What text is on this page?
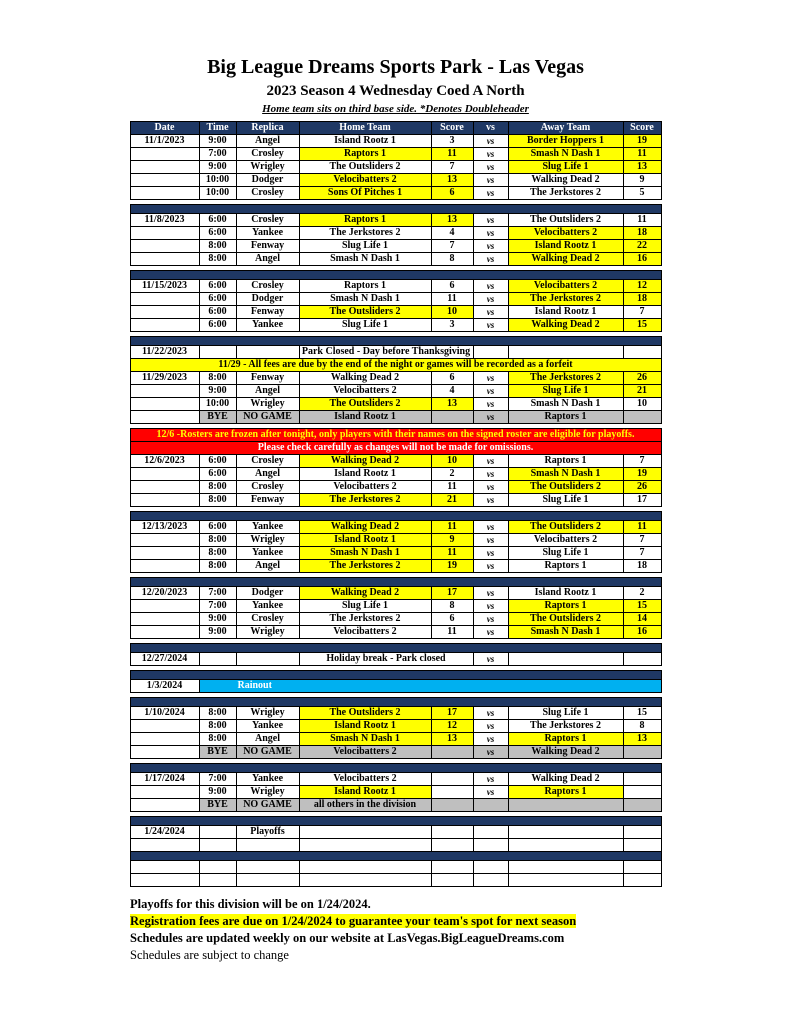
Big League Dreams Sports Park - Las Vegas
2023 Season 4 Wednesday Coed A North
Home team sits on third base side. *Denotes Doubleheader
Date	Time	Replica	Home Team	Score	vs	Away Team	Score
11/1/2023	9:00	Angel	Island Rootz 1	3	vs	Border Hoppers 1	19
	7:00	Crosley	Raptors 1	11	vs	Smash N Dash 1	11
	9:00	Wrigley	The Outsliders 2	7	vs	Slug Life 1	13
	10:00	Dodger	Velocibatters 2	13	vs	Walking Dead 2	9
	10:00	Crosley	Sons Of Pitches 1	6	vs	The Jerkstores 2	5

11/8/2023	6:00	Crosley	Raptors 1	13	vs	The Outsliders 2	11
	6:00	Yankee	The Jerkstores 2	4	vs	Velocibatters 2	18
	8:00	Fenway	Slug Life 1	7	vs	Island Rootz 1	22
	8:00	Angel	Smash N Dash 1	8	vs	Walking Dead 2	16

11/15/2023	6:00	Crosley	Raptors 1	6	vs	Velocibatters 2	12
	6:00	Dodger	Smash N Dash 1	11	vs	The Jerkstores 2	18
	6:00	Fenway	The Outsliders 2	10	vs	Island Rootz 1	7
	6:00	Yankee	Slug Life 1	3	vs	Walking Dead 2	15

11/22/2023			Park Closed - Day before Thanksgiving				
11/29 - All fees are due by the end of the night or games will be recorded as a forfeit							
11/29/2023	8:00	Fenway	Walking Dead 2	6	vs	The Jerkstores 2	26
	9:00	Angel	Velocibatters 2	4	vs	Slug Life 1	21
	10:00	Wrigley	The Outsliders 2	13	vs	Smash N Dash 1	10
	BYE	NO GAME	Island Rootz 1		vs	Raptors 1	

12/6 -Rosters are frozen after tonight, only players with their names on the signed roster are eligible for playoffs.							
Please check carefully as changes will not be made for omissions.							
12/6/2023	6:00	Crosley	Walking Dead 2	10	vs	Raptors 1	7
	6:00	Angel	Island Rootz 1	2	vs	Smash N Dash 1	19
	8:00	Crosley	Velocibatters 2	11	vs	The Outsliders 2	26
	8:00	Fenway	The Jerkstores 2	21	vs	Slug Life 1	17

12/13/2023	6:00	Yankee	Walking Dead 2	11	vs	The Outsliders 2	11
	8:00	Wrigley	Island Rootz 1	9	vs	Velocibatters 2	7
	8:00	Yankee	Smash N Dash 1	11	vs	Slug Life 1	7
	8:00	Angel	The Jerkstores 2	19	vs	Raptors 1	18

12/20/2023	7:00	Dodger	Walking Dead 2	17	vs	Island Rootz 1	2
	7:00	Yankee	Slug Life 1	8	vs	Raptors 1	15
	9:00	Crosley	The Jerkstores 2	6	vs	The Outsliders 2	14
	9:00	Wrigley	Velocibatters 2	11	vs	Smash N Dash 1	16

12/27/2024			Holiday break - Park closed		vs		

1/3/2024	Rainout						

1/10/2024	8:00	Wrigley	The Outsliders 2	17	vs	Slug Life 1	15
	8:00	Yankee	Island Rootz 1	12	vs	The Jerkstores 2	8
	8:00	Angel	Smash N Dash 1	13	vs	Raptors 1	13
	BYE	NO GAME	Velocibatters 2		vs	Walking Dead 2	

1/17/2024	7:00	Yankee	Velocibatters 2		vs	Walking Dead 2	
	9:00	Wrigley	Island Rootz 1		vs	Raptors 1	
	BYE	NO GAME	all others in the division				

1/24/2024		Playoffs					

Playoffs for this division will be on 1/24/2024.
Registration fees are due on 1/24/2024 to guarantee your team's spot for next season
Schedules are updated weekly on our website at LasVegas.BigLeagueDreams.com
Schedules are subject to change
